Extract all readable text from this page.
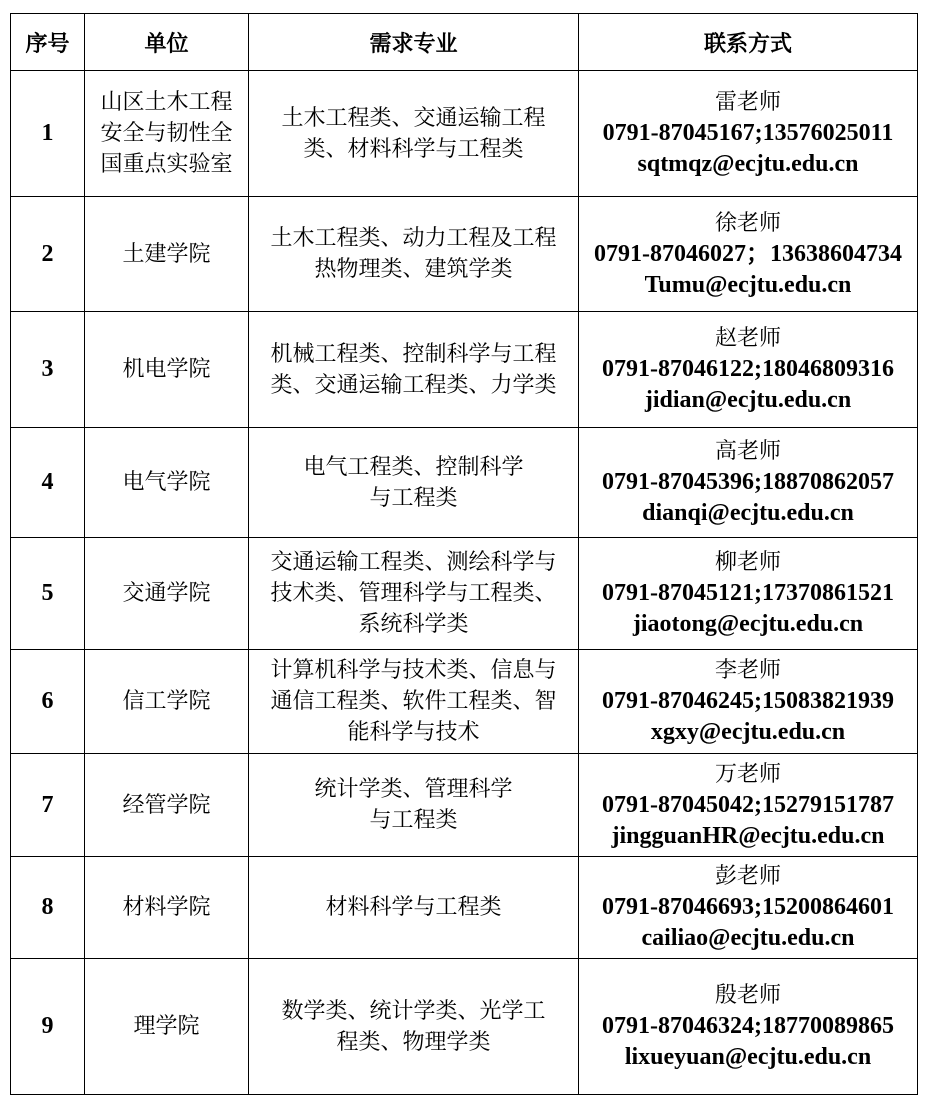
序号	单位	需求专业	联系方式
1	山区土木工程安全与韧性全国重点实验室	土木工程类、交通运输工程类、材料科学与工程类	雷老师
0791-87045167;13576025011
sqtmqz@ecjtu.edu.cn

2	土建学院	土木工程类、动力工程及工程热物理类、建筑学类	徐老师
0791-87046027；13638604734
Tumu@ecjtu.edu.cn

3	机电学院	机械工程类、控制科学与工程类、交通运输工程类、力学类	赵老师
0791-87046122;18046809316
jidian@ecjtu.edu.cn

4	电气学院	电气工程类、控制科学与工程类	高老师
0791-87045396;18870862057
dianqi@ecjtu.edu.cn

5	交通学院	交通运输工程类、测绘科学与技术类、管理科学与工程类、系统科学类	柳老师
0791-87045121;17370861521
jiaotong@ecjtu.edu.cn

6	信工学院	计算机科学与技术类、信息与通信工程类、软件工程类、智能科学与技术	李老师
0791-87046245;15083821939
xgxy@ecjtu.edu.cn

7	经管学院	统计学类、管理科学与工程类	万老师
0791-87045042;15279151787
jingguanHR@ecjtu.edu.cn

8	材料学院	材料科学与工程类	彭老师
0791-87046693;15200864601
cailiao@ecjtu.edu.cn

9	理学院	数学类、统计学类、光学工程类、物理学类	殷老师
0791-87046324;18770089865
lixueyuan@ecjtu.edu.cn
